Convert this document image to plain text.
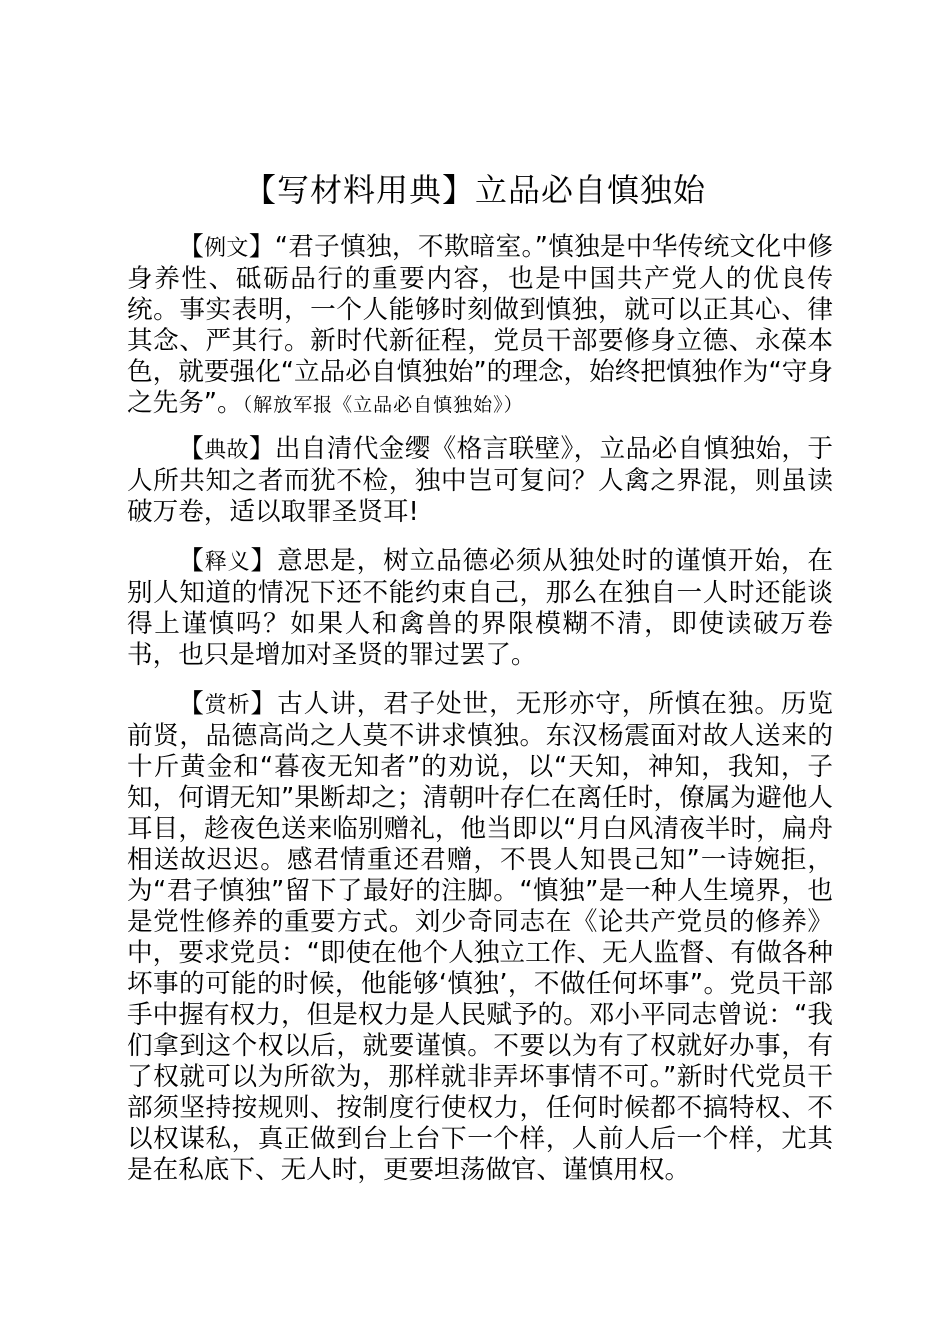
【写材料用典】立品必自慎独始

【例文】“君子慎独，不欺暗室。”慎独是中华传统文化中修身养性、砥砺品行的重要内容，也是中国共产党人的优良传统。事实表明，一个人能够时刻做到慎独，就可以正其心、律其念、严其行。新时代新征程，党员干部要修身立德、永葆本色，就要强化“立品必自慎独始”的理念，始终把慎独作为“守身之先务”。（解放军报《立品必自慎独始》）

【典故】出自清代金缨《格言联壁》，立品必自慎独始，于人所共知之者而犹不检，独中岂可复问？人禽之界混，则虽读破万卷，适以取罪圣贤耳!

【释义】意思是，树立品德必须从独处时的谨慎开始，在别人知道的情况下还不能约束自己，那么在独自一人时还能谈得上谨慎吗？如果人和禽兽的界限模糊不清，即使读破万卷书，也只是增加对圣贤的罪过罢了。

【赏析】古人讲，君子处世，无形亦守，所慎在独。历览前贤，品德高尚之人莫不讲求慎独。东汉杨震面对故人送来的十斤黄金和“暮夜无知者”的劝说，以“天知，神知，我知，子知，何谓无知”果断却之；清朝叶存仁在离任时，僚属为避他人耳目，趁夜色送来临别赠礼，他当即以“月白风清夜半时，扁舟相送故迟迟。感君情重还君赠，不畏人知畏己知”一诗婉拒，为“君子慎独”留下了最好的注脚。“慎独”是一种人生境界，也是党性修养的重要方式。刘少奇同志在《论共产党员的修养》中，要求党员：“即使在他个人独立工作、无人监督、有做各种坏事的可能的时候，他能够‘慎独’，不做任何坏事”。党员干部手中握有权力，但是权力是人民赋予的。邓小平同志曾说：“我们拿到这个权以后，就要谨慎。不要以为有了权就好办事，有了权就可以为所欲为，那样就非弄坏事情不可。”新时代党员干部须坚持按规则、按制度行使权力，任何时候都不搞特权、不以权谋私，真正做到台上台下一个样，人前人后一个样，尤其是在私底下、无人时，更要坦荡做官、谨慎用权。
